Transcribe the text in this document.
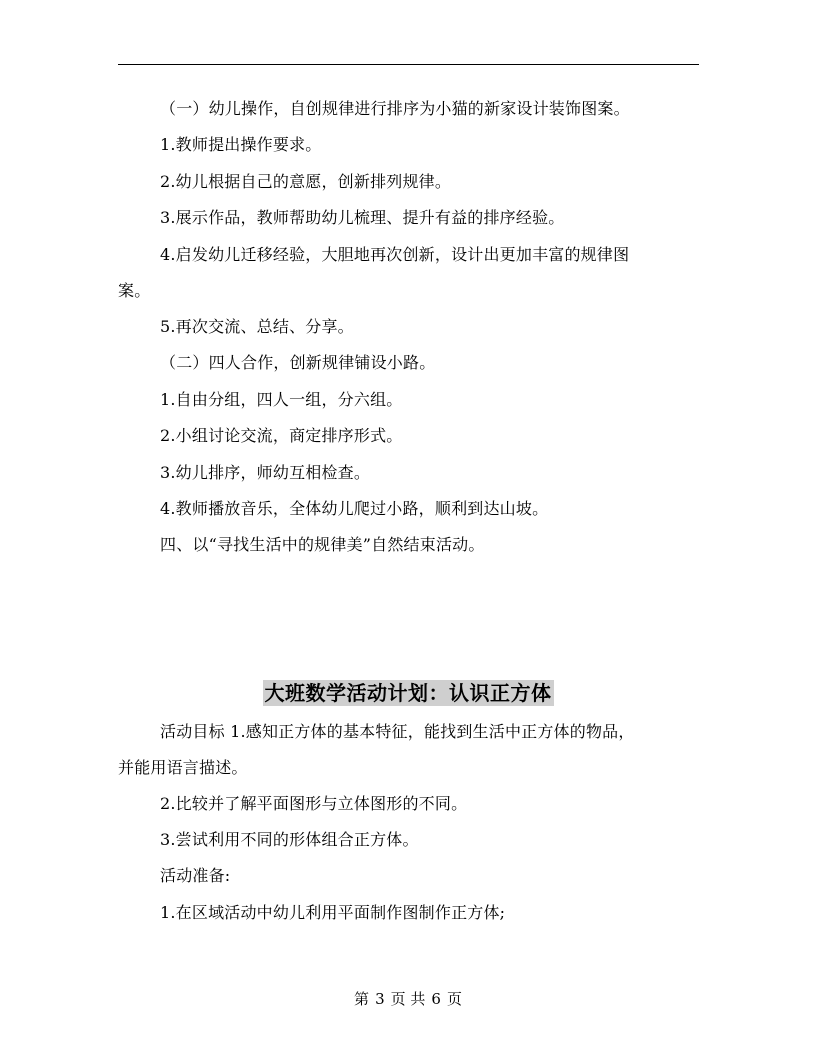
（一）幼儿操作，自创规律进行排序为小猫的新家设计装饰图案。
1.教师提出操作要求。
2.幼儿根据自己的意愿，创新排列规律。
3.展示作品，教师帮助幼儿梳理、提升有益的排序经验。
4.启发幼儿迁移经验，大胆地再次创新，设计出更加丰富的规律图
案。
5.再次交流、总结、分享。
（二）四人合作，创新规律铺设小路。
1.自由分组，四人一组，分六组。
2.小组讨论交流，商定排序形式。
3.幼儿排序，师幼互相检查。
4.教师播放音乐，全体幼儿爬过小路，顺利到达山坡。
四、以“寻找生活中的规律美”自然结束活动。
大班数学活动计划：认识正方体
活动目标 1.感知正方体的基本特征，能找到生活中正方体的物品，
并能用语言描述。
2.比较并了解平面图形与立体图形的不同。
3.尝试利用不同的形体组合正方体。
活动准备:
1.在区域活动中幼儿利用平面制作图制作正方体;
第 3 页 共 6 页
